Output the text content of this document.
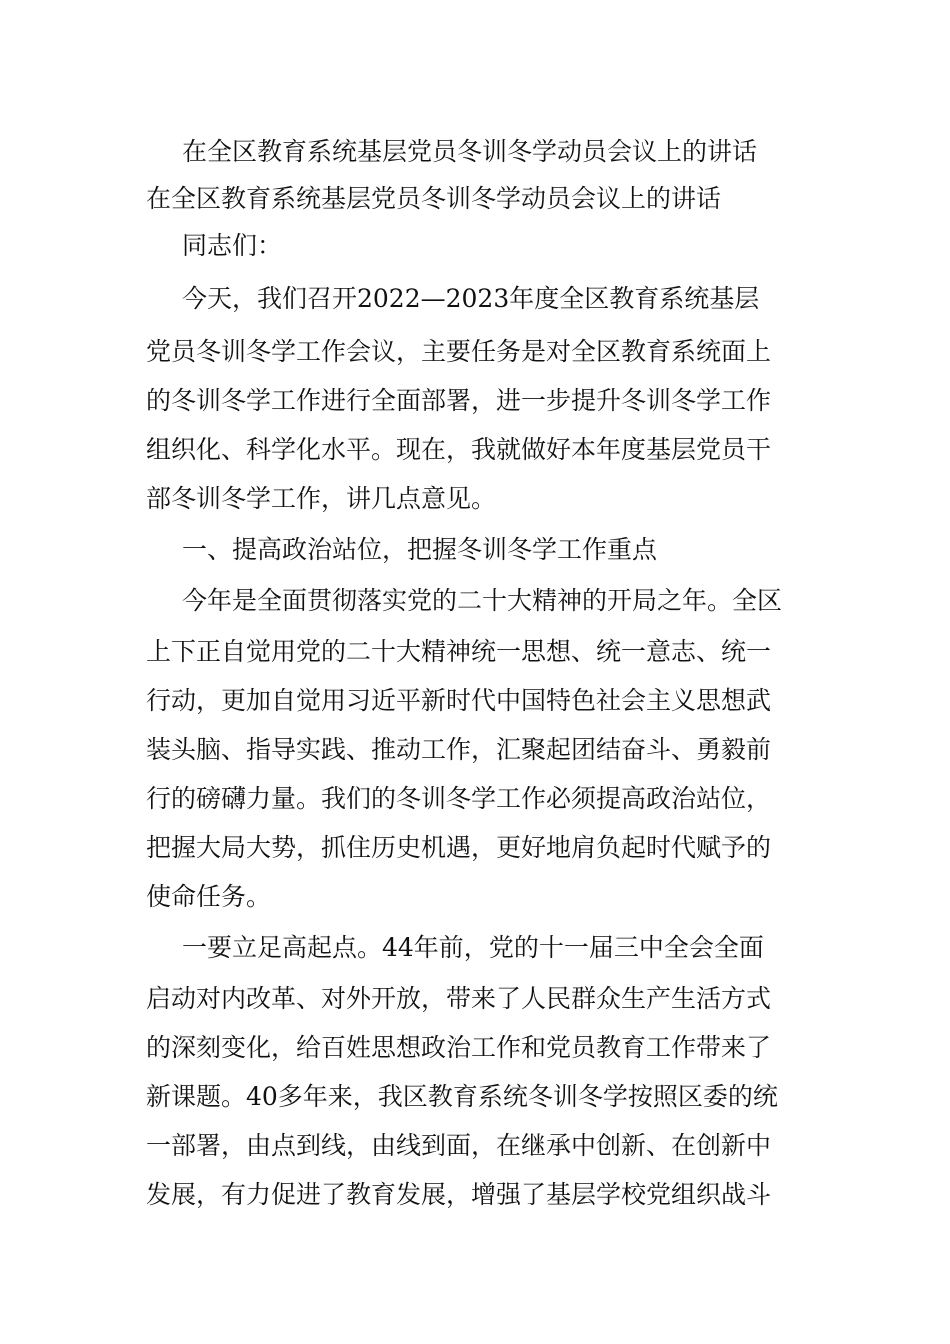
在全区教育系统基层党员冬训冬学动员会议上的讲话
在全区教育系统基层党员冬训冬学动员会议上的讲话
同志们：
今天，我们召开2022—2023年度全区教育系统基层
党员冬训冬学工作会议，主要任务是对全区教育系统面上
的冬训冬学工作进行全面部署，进一步提升冬训冬学工作
组织化、科学化水平。现在，我就做好本年度基层党员干
部冬训冬学工作，讲几点意见。
一、提高政治站位，把握冬训冬学工作重点
今年是全面贯彻落实党的二十大精神的开局之年。全区
上下正自觉用党的二十大精神统一思想、统一意志、统一
行动，更加自觉用习近平新时代中国特色社会主义思想武
装头脑、指导实践、推动工作，汇聚起团结奋斗、勇毅前
行的磅礴力量。我们的冬训冬学工作必须提高政治站位，
把握大局大势，抓住历史机遇，更好地肩负起时代赋予的
使命任务。
一要立足高起点。44年前，党的十一届三中全会全面
启动对内改革、对外开放，带来了人民群众生产生活方式
的深刻变化，给百姓思想政治工作和党员教育工作带来了
新课题。40多年来，我区教育系统冬训冬学按照区委的统
一部署，由点到线，由线到面，在继承中创新、在创新中
发展，有力促进了教育发展，增强了基层学校党组织战斗
